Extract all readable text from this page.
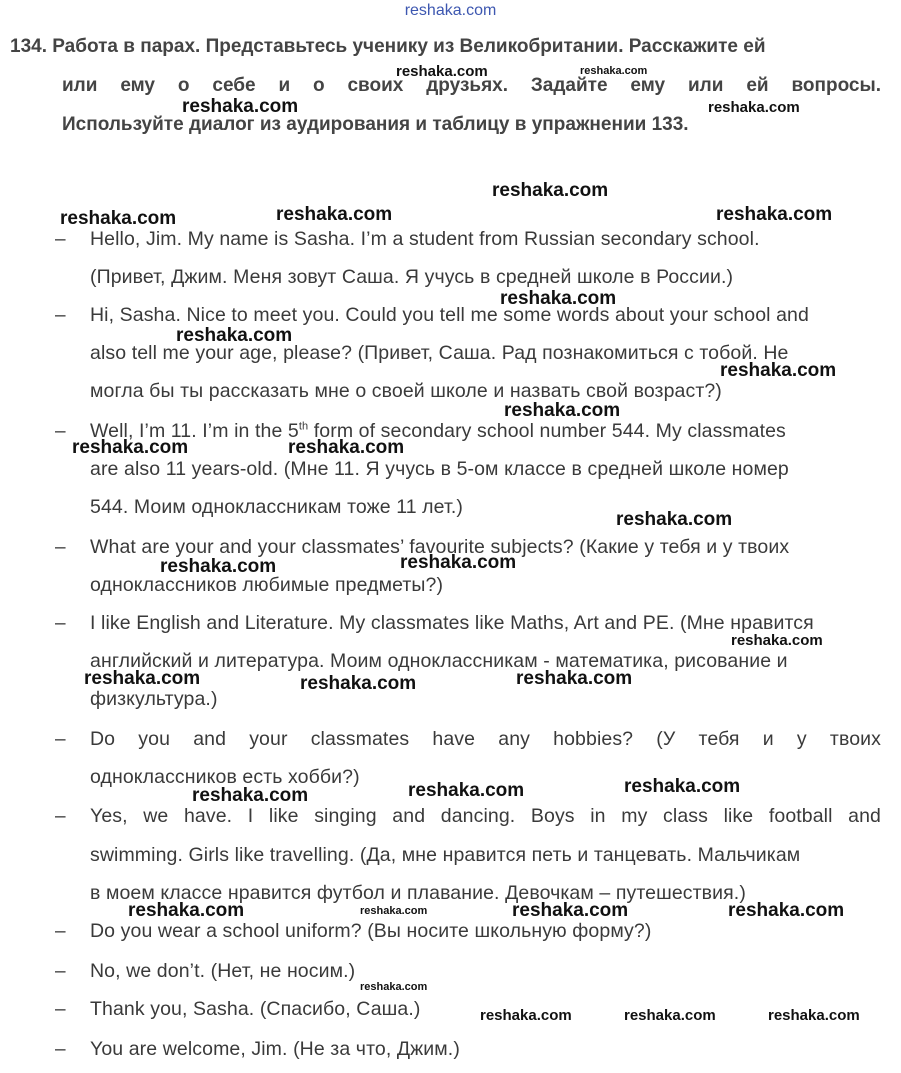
reshaka.com
134. Работа в парах. Представьтесь ученику из Великобритании. Расскажите ей
или ему о себе и о своих друзьях. Задайте ему или ей вопросы.
Используйте диалог из аудирования и таблицу в упражнении 133.
–
–
–
–
–
–
–
–
–
–
–
Hello, Jim. My name is Sasha. I’m a student from Russian secondary school.
(Привет, Джим. Меня зовут Саша. Я учусь в средней школе в России.)
Hi, Sasha. Nice to meet you. Could you tell me some words about your school and
also tell me your age, please? (Привет, Саша. Рад познакомиться с тобой. Не
могла бы ты рассказать мне о своей школе и назвать свой возраст?)
Well, I’m 11. I’m in the 5th form of secondary school number 544. My classmates
are also 11 years-old. (Мне 11. Я учусь в 5-ом классе в средней школе номер
544. Моим одноклассникам тоже 11 лет.)
What are your and your classmates’ favourite subjects? (Какие у тебя и у твоих
одноклассников любимые предметы?)
I like English and Literature. My classmates like Maths, Art and PE. (Мне нравится
английский и литература. Моим одноклассникам - математика, рисование и
физкультура.)
Do you and your classmates have any hobbies? (У тебя и у твоих
одноклассников есть хобби?)
Yes, we have. I like singing and dancing. Boys in my class like football and
swimming. Girls like travelling. (Да, мне нравится петь и танцевать. Мальчикам
в моем классе нравится футбол и плавание. Девочкам – путешествия.)
Do you wear a school uniform? (Вы носите школьную форму?)
No, we don’t. (Нет, не носим.)
Thank you, Sasha. (Спасибо, Саша.)
You are welcome, Jim. (Не за что, Джим.)
reshaka.com	reshaka.com
reshaka.com	reshaka.com
reshaka.com
reshaka.com	reshaka.com	reshaka.com
reshaka.com
reshaka.com
reshaka.com
reshaka.com
reshaka.com	reshaka.com
reshaka.com
reshaka.com
reshaka.com
reshaka.com
reshaka.com	reshaka.com	reshaka.com
reshaka.com	reshaka.com
reshaka.com
reshaka.com	reshaka.com	reshaka.com	reshaka.com
reshaka.com
reshaka.com	reshaka.com	reshaka.com
